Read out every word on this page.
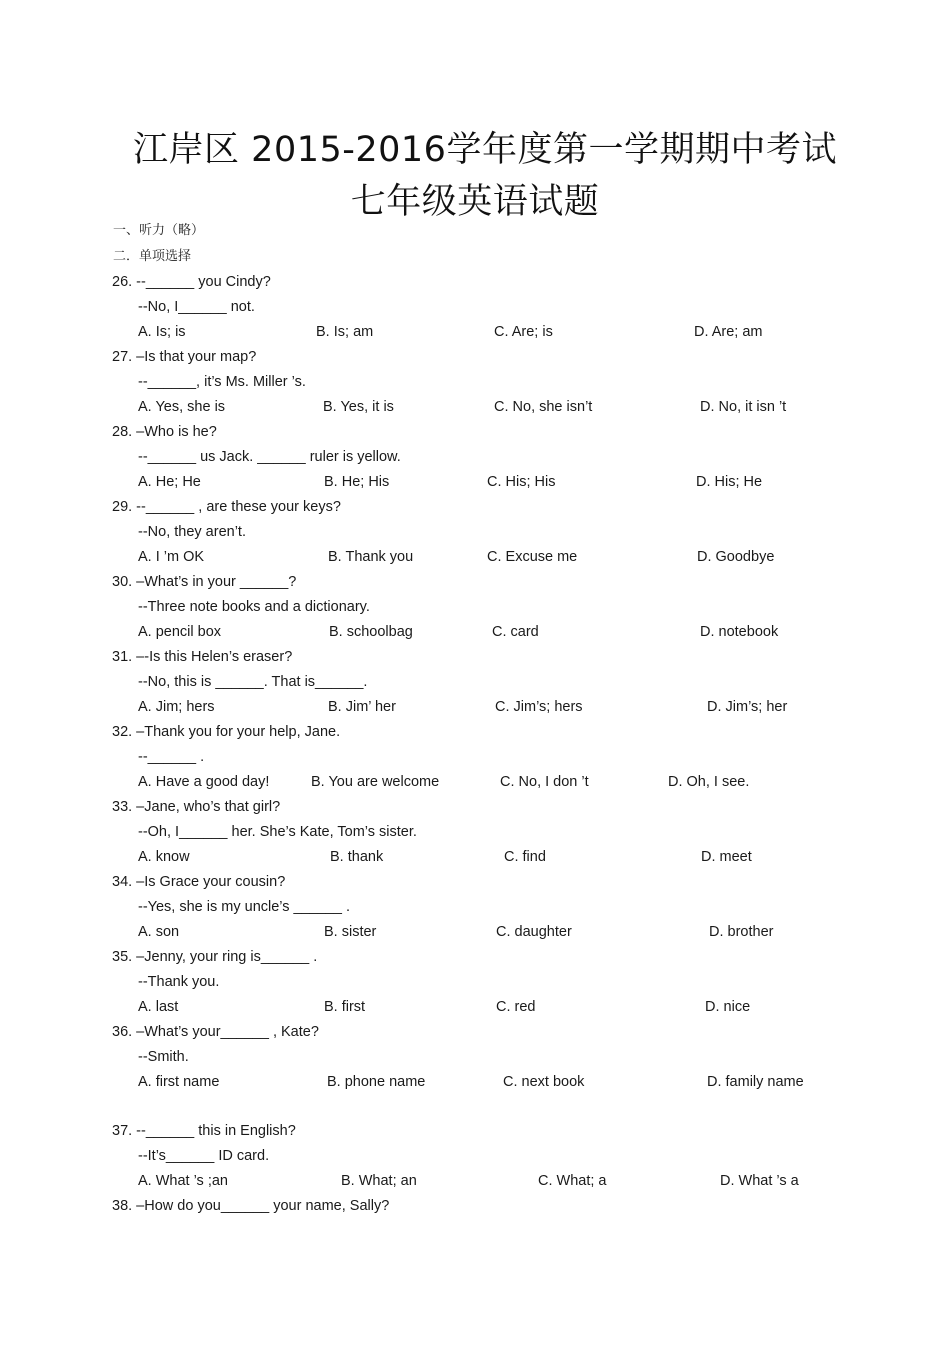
江岸区 2015-2016学年度第一学期期中考试
七年级英语试题
一、听力（略）
二．单项选择
26. --______ you Cindy?
--No, I______ not.
A. Is; is	B. Is; am	C. Are; is	D. Are; am
27. –Is that your map?
--______, it’s Ms. Miller ’s.
A. Yes, she is	B. Yes, it is	C. No, she isn’t	D. No, it isn ’t
28. –Who is he?
--______ us Jack. ______ ruler is yellow.
A. He; He	B. He; His	C. His; His	D. His; He
29. --______ , are these your keys?
--No, they aren’t.
A. I ’m OK	B. Thank you	C. Excuse me	D. Goodbye
30. –What’s in your ______?
--Three note books and a dictionary.
A. pencil box	B. schoolbag	C. card	D. notebook
31. –-Is this Helen’s eraser?
--No, this is ______. That is______.
A. Jim; hers	B. Jim’ her	C. Jim’s; hers	D. Jim’s; her
32. –Thank you for your help, Jane.
--______ .
A. Have a good day!	B. You are welcome	C. No, I don ’t	D. Oh, I see.
33. –Jane, who’s that girl?
--Oh, I______ her. She’s Kate, Tom’s sister.
A. know	B. thank	C. find	D. meet
34. –Is Grace your cousin?
--Yes, she is my uncle’s ______ .
A. son	B. sister	C. daughter	D. brother
35. –Jenny, your ring is______ .
--Thank you.
A. last	B. first	C. red	D. nice
36. –What’s your______ , Kate?
--Smith.
A. first name	B. phone name	C. next book	D. family name
37. --______ this in English?
--It’s______ ID card.
A. What ’s ;an	B. What; an	C. What; a	D. What ’s a
38. –How do you______ your name, Sally?
